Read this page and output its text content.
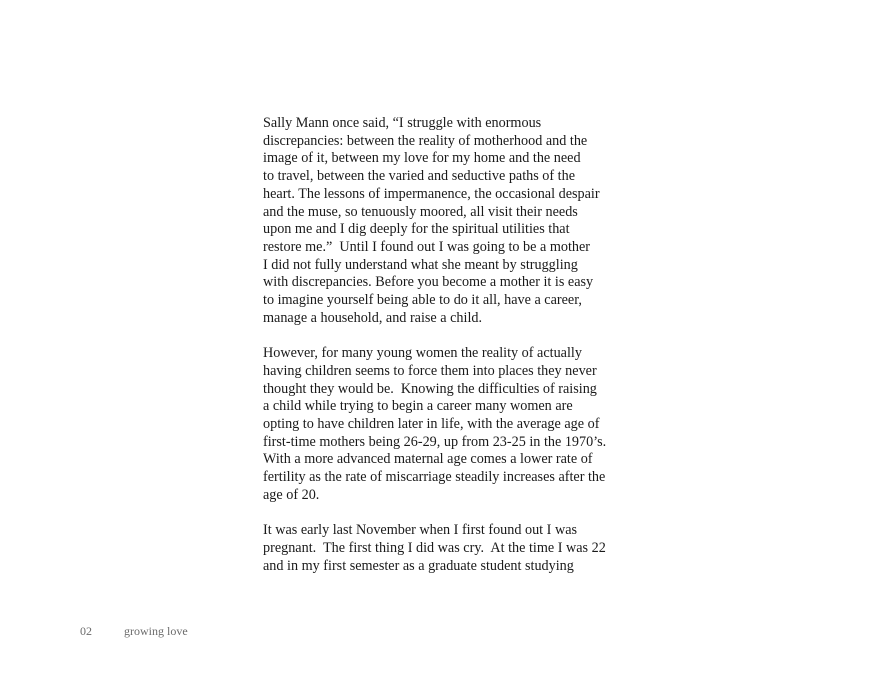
Sally Mann once said, “I struggle with enormous
discrepancies: between the reality of motherhood and the
image of it, between my love for my home and the need
to travel, between the varied and seductive paths of the
heart. The lessons of impermanence, the occasional despair
and the muse, so tenuously moored, all visit their needs
upon me and I dig deeply for the spiritual utilities that
restore me.”  Until I found out I was going to be a mother
I did not fully understand what she meant by struggling
with discrepancies. Before you become a mother it is easy
to imagine yourself being able to do it all, have a career,
manage a household, and raise a child.
However, for many young women the reality of actually
having children seems to force them into places they never
thought they would be.  Knowing the difficulties of raising
a child while trying to begin a career many women are
opting to have children later in life, with the average age of
first-time mothers being 26-29, up from 23-25 in the 1970’s.
With a more advanced maternal age comes a lower rate of
fertility as the rate of miscarriage steadily increases after the
age of 20.
It was early last November when I first found out I was
pregnant.  The first thing I did was cry.  At the time I was 22
and in my first semester as a graduate student studying
02	growing love
